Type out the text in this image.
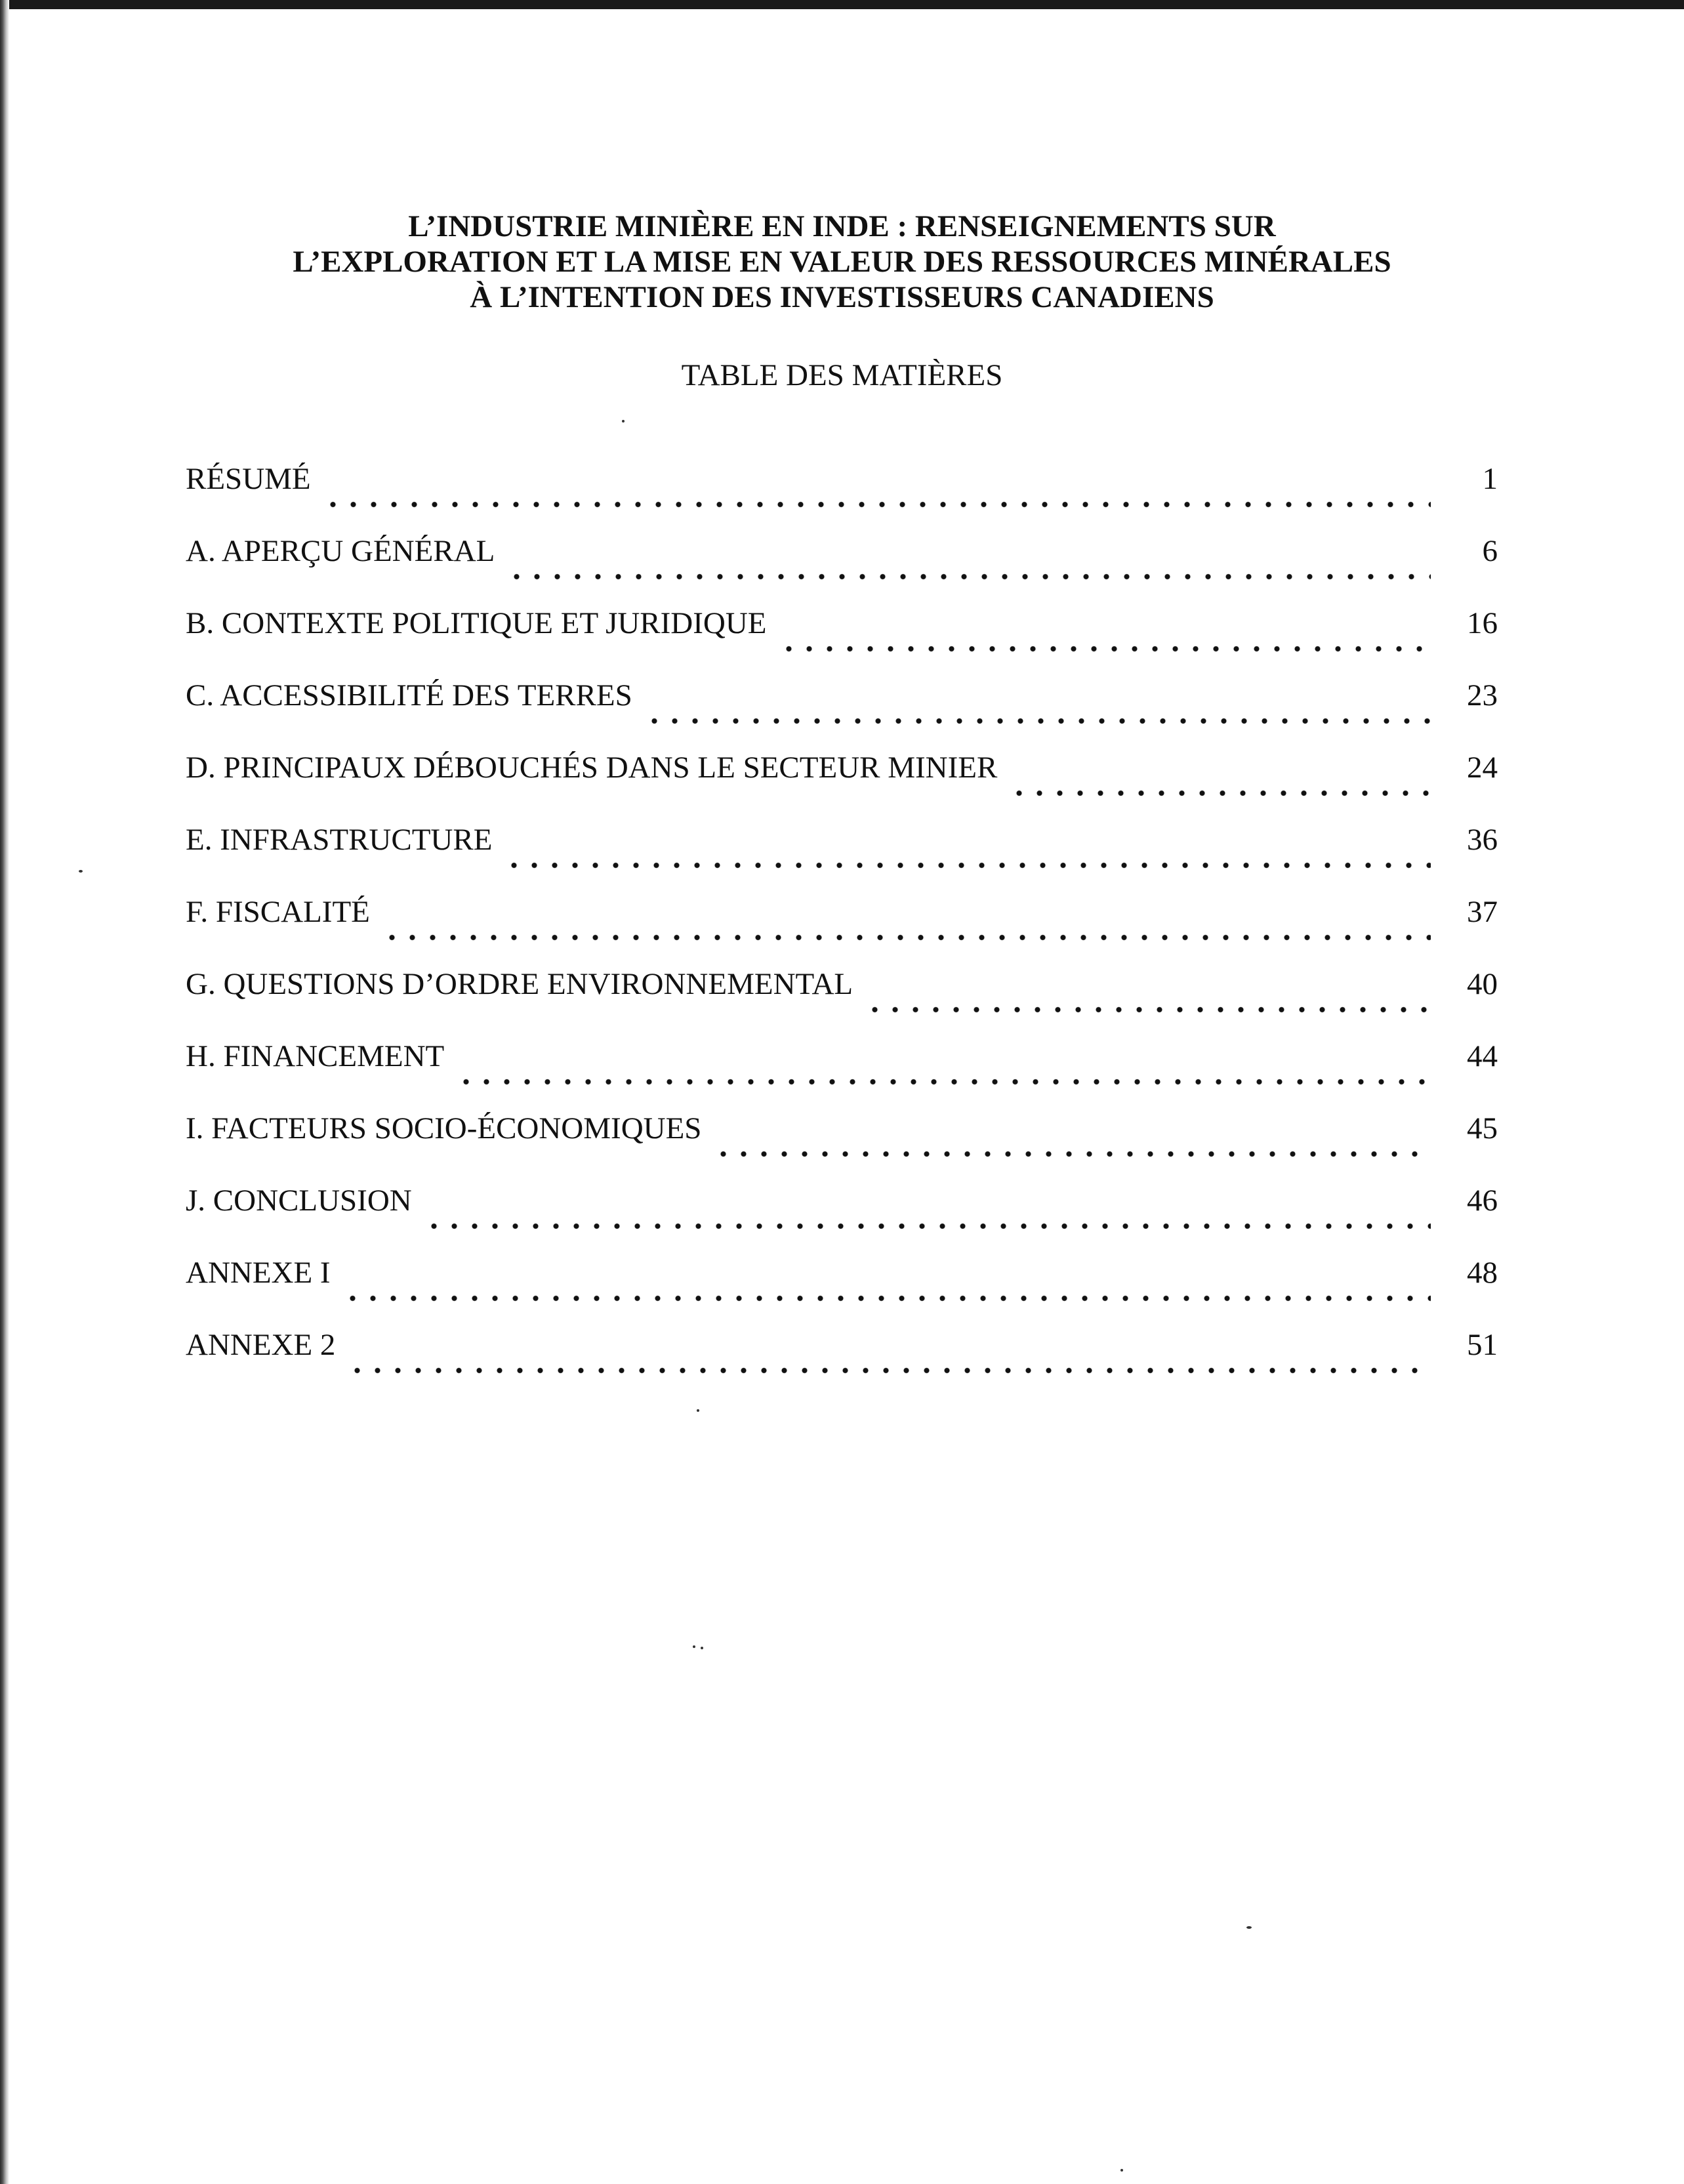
L’INDUSTRIE MINIÈRE EN INDE : RENSEIGNEMENTS SUR
L’EXPLORATION ET LA MISE EN VALEUR DES RESSOURCES MINÉRALES
À L’INTENTION DES INVESTISSEURS CANADIENS
TABLE DES MATIÈRES
RÉSUMÉ	1
A. APERÇU GÉNÉRAL	6
B. CONTEXTE POLITIQUE ET JURIDIQUE	16
C. ACCESSIBILITÉ DES TERRES	23
D. PRINCIPAUX DÉBOUCHÉS DANS LE SECTEUR MINIER	24
E. INFRASTRUCTURE	36
F. FISCALITÉ	37
G. QUESTIONS D’ORDRE ENVIRONNEMENTAL	40
H. FINANCEMENT	44
I. FACTEURS SOCIO-ÉCONOMIQUES	45
J. CONCLUSION	46
ANNEXE I	48
ANNEXE 2	51
